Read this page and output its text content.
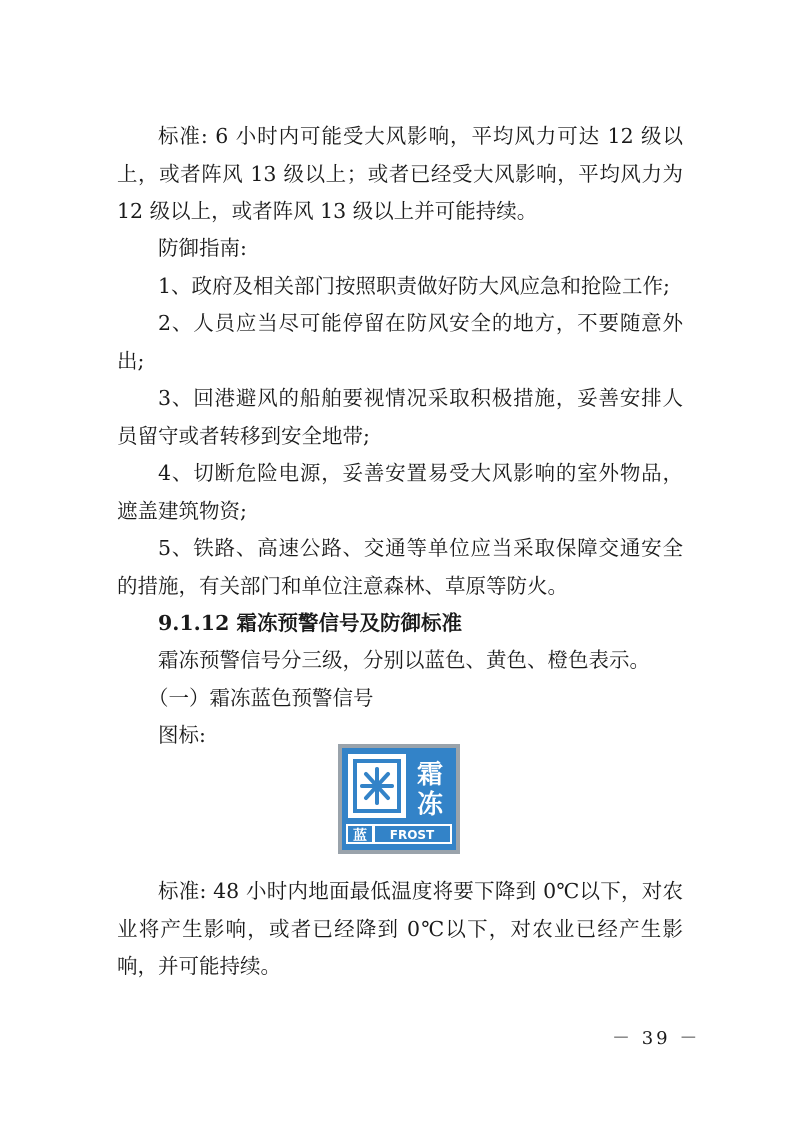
标准: 6 小时内可能受大风影响，平均风力可达 12 级以上，或者阵风 13 级以上；或者已经受大风影响，平均风力为 12 级以上，或者阵风 13 级以上并可能持续。

防御指南:

1、政府及相关部门按照职责做好防大风应急和抢险工作;

2、人员应当尽可能停留在防风安全的地方，不要随意外出;

3、回港避风的船舶要视情况采取积极措施，妥善安排人员留守或者转移到安全地带;

4、切断危险电源，妥善安置易受大风影响的室外物品，遮盖建筑物资;

5、铁路、高速公路、交通等单位应当采取保障交通安全的措施，有关部门和单位注意森林、草原等防火。

9.1.12 霜冻预警信号及防御标准

霜冻预警信号分三级，分别以蓝色、黄色、橙色表示。

（一）霜冻蓝色预警信号

图标:

霜
冻
蓝 FROST

标准: 48 小时内地面最低温度将要下降到 0℃以下，对农业将产生影响，或者已经降到 0℃以下，对农业已经产生影响，并可能持续。

－ 39 －
